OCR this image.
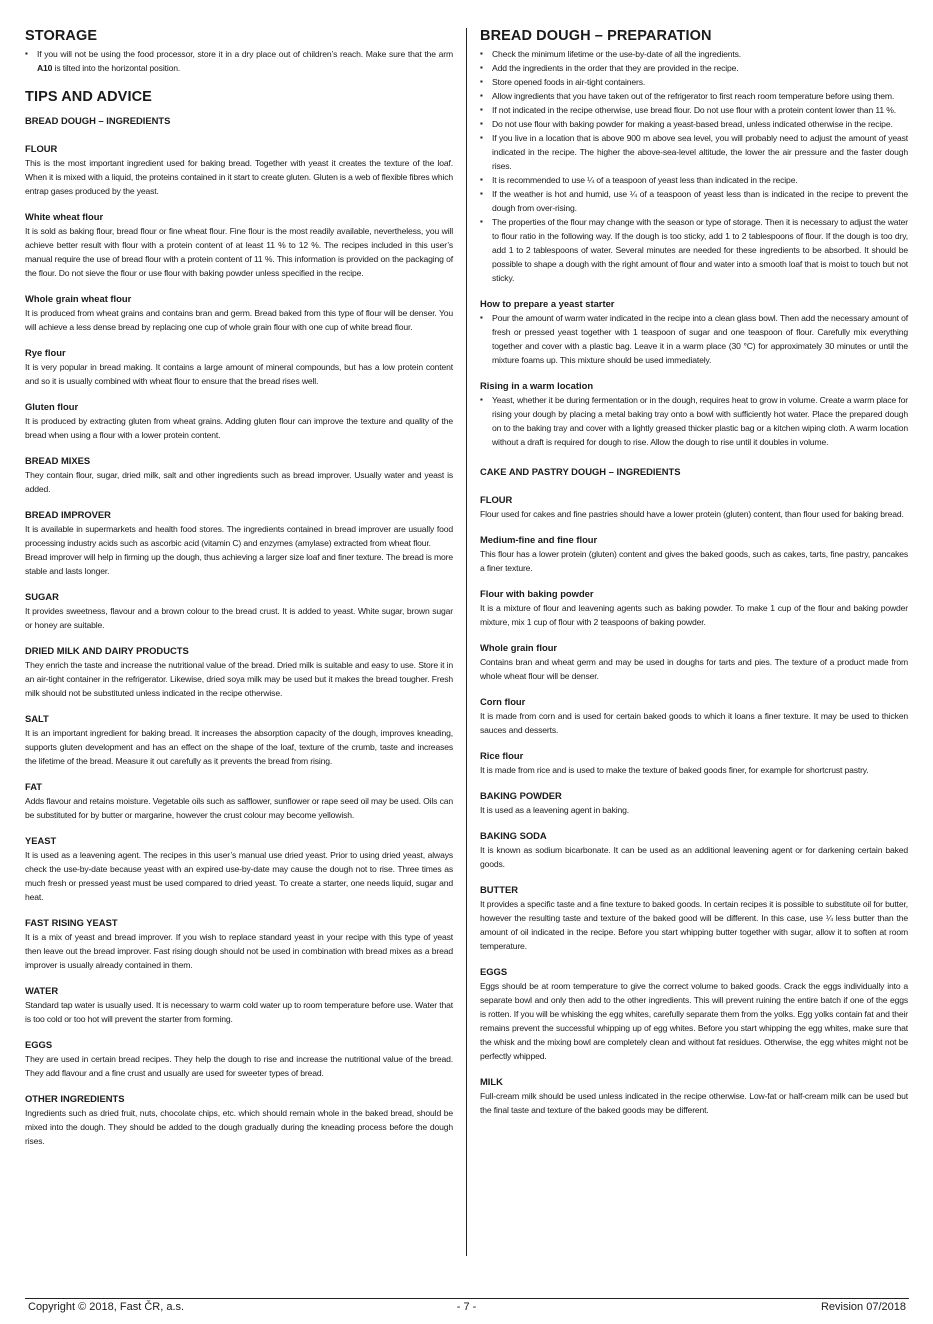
STORAGE
▪ If you will not be using the food processor, store it in a dry place out of children’s reach. Make sure that the arm A10 is tilted into the horizontal position.
TIPS AND ADVICE
BREAD DOUGH – INGREDIENTS
FLOUR

This is the most important ingredient used for baking bread. Together with yeast it creates the texture of the loaf. When it is mixed with a liquid, the proteins contained in it start to create gluten. Gluten is a web of flexible fibres which entrap gases produced by the yeast.

White wheat flour

It is sold as baking flour, bread flour or fine wheat flour. Fine flour is the most readily available, nevertheless, you will achieve better result with flour with a protein content of at least 11 % to 12 %. The recipes included in this user’s manual require the use of bread flour with a protein content of 11 %. This information is provided on the packaging of the flour. Do not sieve the flour or use flour with baking powder unless specified in the recipe.

Whole grain wheat flour

It is produced from wheat grains and contains bran and germ. Bread baked from this type of flour will be denser. You will achieve a less dense bread by replacing one cup of whole grain flour with one cup of white bread flour.

Rye flour

It is very popular in bread making. It contains a large amount of mineral compounds, but has a low protein content and so it is usually combined with wheat flour to ensure that the bread rises well.

Gluten flour

It is produced by extracting gluten from wheat grains. Adding gluten flour can improve the texture and quality of the bread when using a flour with a lower protein content.

BREAD MIXES

They contain flour, sugar, dried milk, salt and other ingredients such as bread improver. Usually water and yeast is added.

BREAD IMPROVER

It is available in supermarkets and health food stores. The ingredients contained in bread improver are usually food processing industry acids such as ascorbic acid (vitamin C) and enzymes (amylase) extracted from wheat flour.

Bread improver will help in firming up the dough, thus achieving a larger size loaf and finer texture. The bread is more stable and lasts longer.

SUGAR

It provides sweetness, flavour and a brown colour to the bread crust. It is added to yeast. White sugar, brown sugar or honey are suitable.

DRIED MILK AND DAIRY PRODUCTS

They enrich the taste and increase the nutritional value of the bread. Dried milk is suitable and easy to use. Store it in an air-tight container in the refrigerator. Likewise, dried soya milk may be used but it makes the bread tougher. Fresh milk should not be substituted unless indicated in the recipe otherwise.

SALT

It is an important ingredient for baking bread. It increases the absorption capacity of the dough, improves kneading, supports gluten development and has an effect on the shape of the loaf, texture of the crumb, taste and increases the lifetime of the bread. Measure it out carefully as it prevents the bread from rising.

FAT

Adds flavour and retains moisture. Vegetable oils such as safflower, sunflower or rape seed oil may be used. Oils can be substituted for by butter or margarine, however the crust colour may become yellowish.

YEAST

It is used as a leavening agent. The recipes in this user’s manual use dried yeast. Prior to using dried yeast, always check the use-by-date because yeast with an expired use-by-date may cause the dough not to rise. Three times as much fresh or pressed yeast must be used compared to dried yeast. To create a starter, one needs liquid, sugar and heat.

FAST RISING YEAST

It is a mix of yeast and bread improver. If you wish to replace standard yeast in your recipe with this type of yeast then leave out the bread improver. Fast rising dough should not be used in combination with bread mixes as a bread improver is usually already contained in them.

WATER

Standard tap water is usually used. It is necessary to warm cold water up to room temperature before use. Water that is too cold or too hot will prevent the starter from forming.

EGGS

They are used in certain bread recipes. They help the dough to rise and increase the nutritional value of the bread. They add flavour and a fine crust and usually are used for sweeter types of bread.

OTHER INGREDIENTS

Ingredients such as dried fruit, nuts, chocolate chips, etc. which should remain whole in the baked bread, should be mixed into the dough. They should be added to the dough gradually during the kneading process before the dough rises.

BREAD DOUGH – PREPARATION
▪ Check the minimum lifetime or the use-by-date of all the ingredients.
▪ Add the ingredients in the order that they are provided in the recipe.
▪ Store opened foods in air-tight containers.
▪ Allow ingredients that you have taken out of the refrigerator to first reach room temperature before using them.
▪ If not indicated in the recipe otherwise, use bread flour. Do not use flour with a protein content lower than 11 %.
▪ Do not use flour with baking powder for making a yeast-based bread, unless indicated otherwise in the recipe.
▪ If you live in a location that is above 900 m above sea level, you will probably need to adjust the amount of yeast indicated in the recipe. The higher the above-sea-level altitude, the lower the air pressure and the faster dough rises.
▪ It is recommended to use ¼ of a teaspoon of yeast less than indicated in the recipe.
▪ If the weather is hot and humid, use ¼ of a teaspoon of yeast less than is indicated in the recipe to prevent the dough from over-rising.
▪ The properties of the flour may change with the season or type of storage. Then it is necessary to adjust the water to flour ratio in the following way. If the dough is too sticky, add 1 to 2 tablespoons of flour. If the dough is too dry, add 1 to 2 tablespoons of water. Several minutes are needed for these ingredients to be absorbed. It should be possible to shape a dough with the right amount of flour and water into a smooth loaf that is moist to touch but not sticky.
How to prepare a yeast starter
▪ Pour the amount of warm water indicated in the recipe into a clean glass bowl. Then add the necessary amount of fresh or pressed yeast together with 1 teaspoon of sugar and one teaspoon of flour. Carefully mix everything together and cover with a plastic bag. Leave it in a warm place (30 °C) for approximately 30 minutes or until the mixture foams up. This mixture should be used immediately.
Rising in a warm location
▪ Yeast, whether it be during fermentation or in the dough, requires heat to grow in volume. Create a warm place for rising your dough by placing a metal baking tray onto a bowl with sufficiently hot water. Place the prepared dough on to the baking tray and cover with a lightly greased thicker plastic bag or a kitchen wiping cloth. A warm location without a draft is required for dough to rise. Allow the dough to rise until it doubles in volume.
CAKE AND PASTRY DOUGH – INGREDIENTS
FLOUR

Flour used for cakes and fine pastries should have a lower protein (gluten) content, than flour used for baking bread.

Medium-fine and fine flour

This flour has a lower protein (gluten) content and gives the baked goods, such as cakes, tarts, fine pastry, pancakes a finer texture.

Flour with baking powder

It is a mixture of flour and leavening agents such as baking powder. To make 1 cup of the flour and baking powder mixture, mix 1 cup of flour with 2 teaspoons of baking powder.

Whole grain flour

Contains bran and wheat germ and may be used in doughs for tarts and pies. The texture of a product made from whole wheat flour will be denser.

Corn flour

It is made from corn and is used for certain baked goods to which it loans a finer texture. It may be used to thicken sauces and desserts.

Rice flour

It is made from rice and is used to make the texture of baked goods finer, for example for shortcrust pastry.

BAKING POWDER

It is used as a leavening agent in baking.

BAKING SODA

It is known as sodium bicarbonate. It can be used as an additional leavening agent or for darkening certain baked goods.

BUTTER

It provides a specific taste and a fine texture to baked goods. In certain recipes it is possible to substitute oil for butter, however the resulting taste and texture of the baked good will be different. In this case, use ¼ less butter than the amount of oil indicated in the recipe. Before you start whipping butter together with sugar, allow it to soften at room temperature.

EGGS

Eggs should be at room temperature to give the correct volume to baked goods. Crack the eggs individually into a separate bowl and only then add to the other ingredients. This will prevent ruining the entire batch if one of the eggs is rotten. If you will be whisking the egg whites, carefully separate them from the yolks. Egg yolks contain fat and their remains prevent the successful whipping up of egg whites. Before you start whipping the egg whites, make sure that the whisk and the mixing bowl are completely clean and without fat residues. Otherwise, the egg whites might not be perfectly whipped.

MILK

Full-cream milk should be used unless indicated in the recipe otherwise. Low-fat or half-cream milk can be used but the final taste and texture of the baked goods may be different.

Copyright © 2018, Fast ČR, a.s.	- 7 -	Revision 07/2018
